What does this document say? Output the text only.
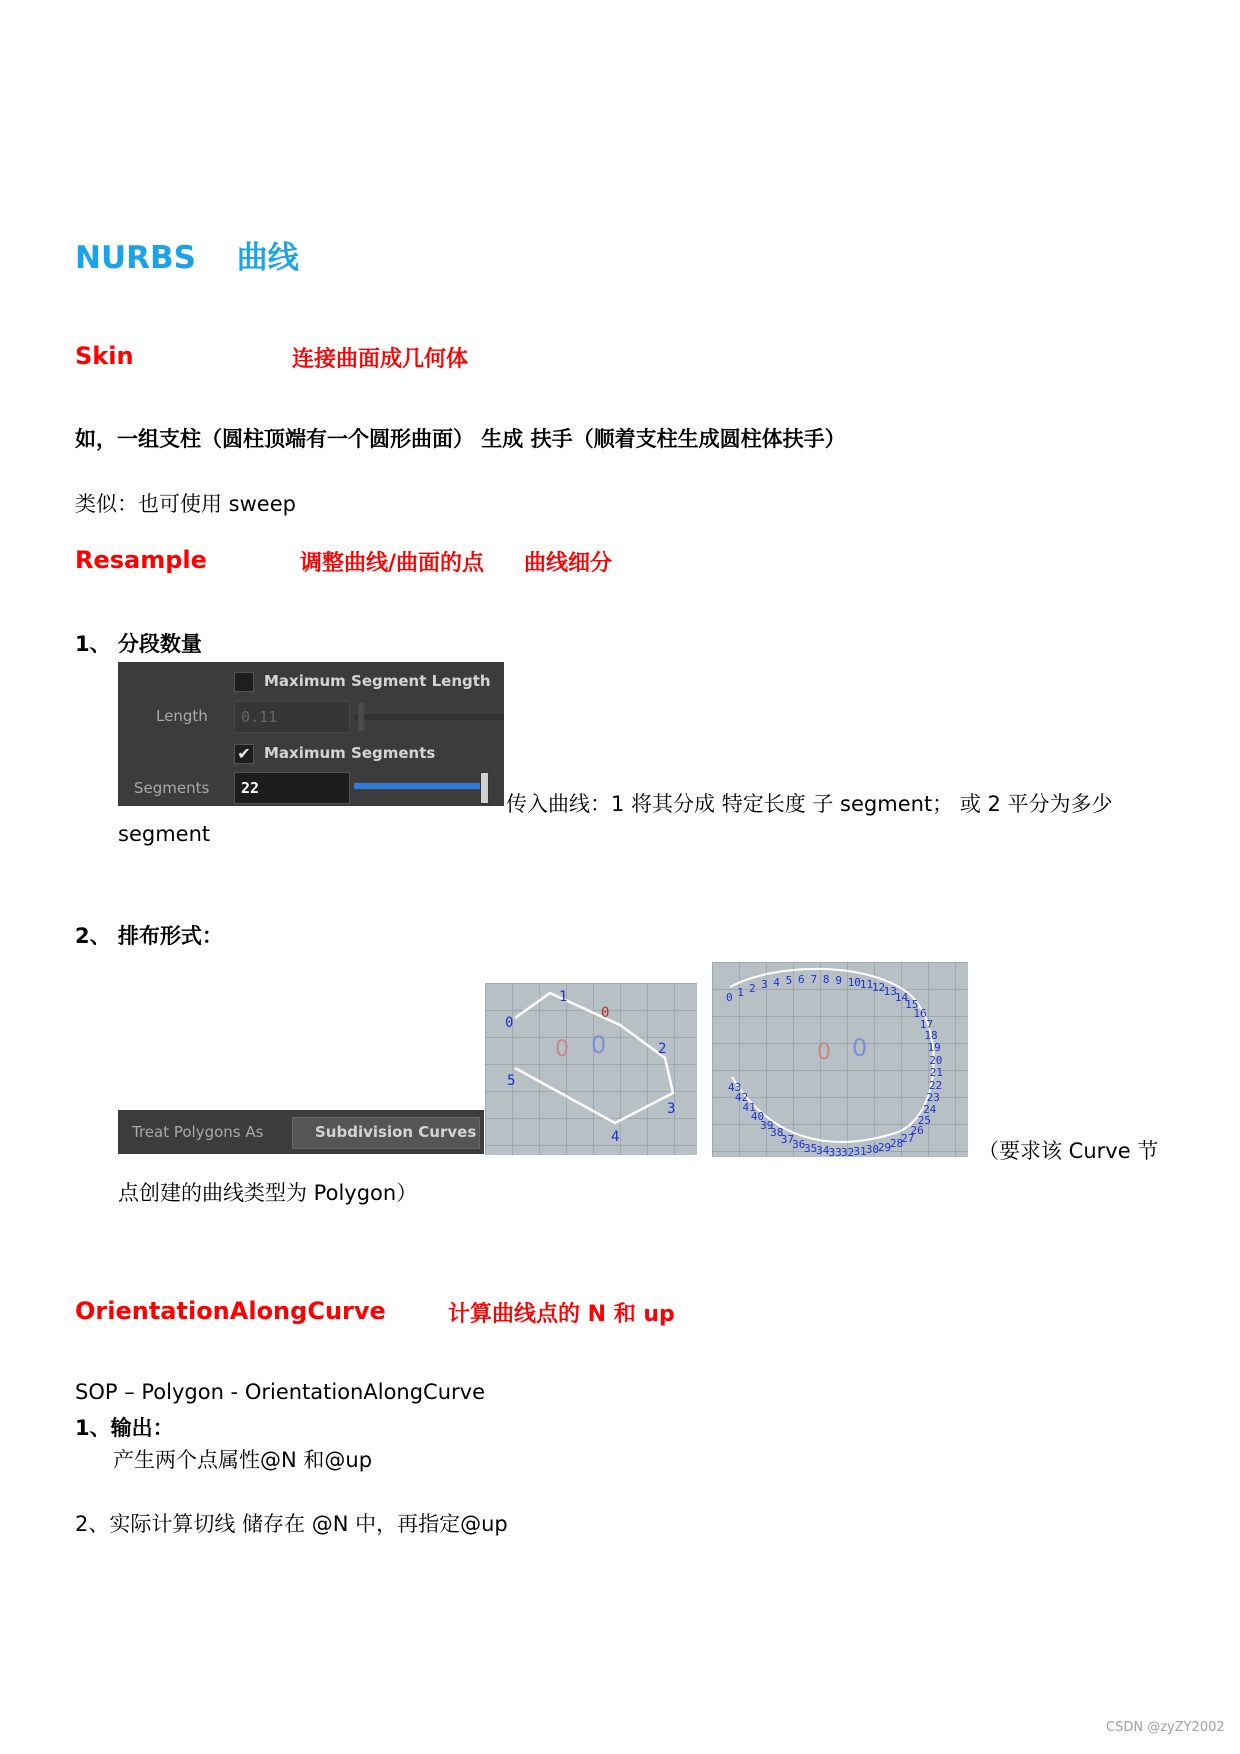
NURBS 曲线
Skin	连接曲面成几何体
如，一组支柱（圆柱顶端有一个圆形曲面） 生成 扶手（顺着支柱生成圆柱体扶手）
类似：也可使用 sweep
Resample	调整曲线/曲面的点 曲线细分
1、 分段数量
Maximum Segment Length
Length 0.11
✔ Maximum Segments
Segments 22
传入曲线：1 将其分成 特定长度 子 segment； 或 2 平分为多少
segment
2、 排布形式：
Treat Polygons As	Subdivision Curves
0
1
0
2
3
4
5
0 0
0 1 2 3 4 5 6 7 8 9 10
11
12
13
14
15
16
17
18
19
20
21
22
23
24
25
26
27
28
29
30
31
32
33
34
35
36
37
38
39
40
41
42
43
0 0
（要求该 Curve 节
点创建的曲线类型为 Polygon）
OrientationAlongCurve	计算曲线点的 N 和 up
SOP – Polygon - OrientationAlongCurve
1、输出：
产生两个点属性@N 和@up
2、实际计算切线 储存在 @N 中，再指定@up
CSDN @zyZY2002
